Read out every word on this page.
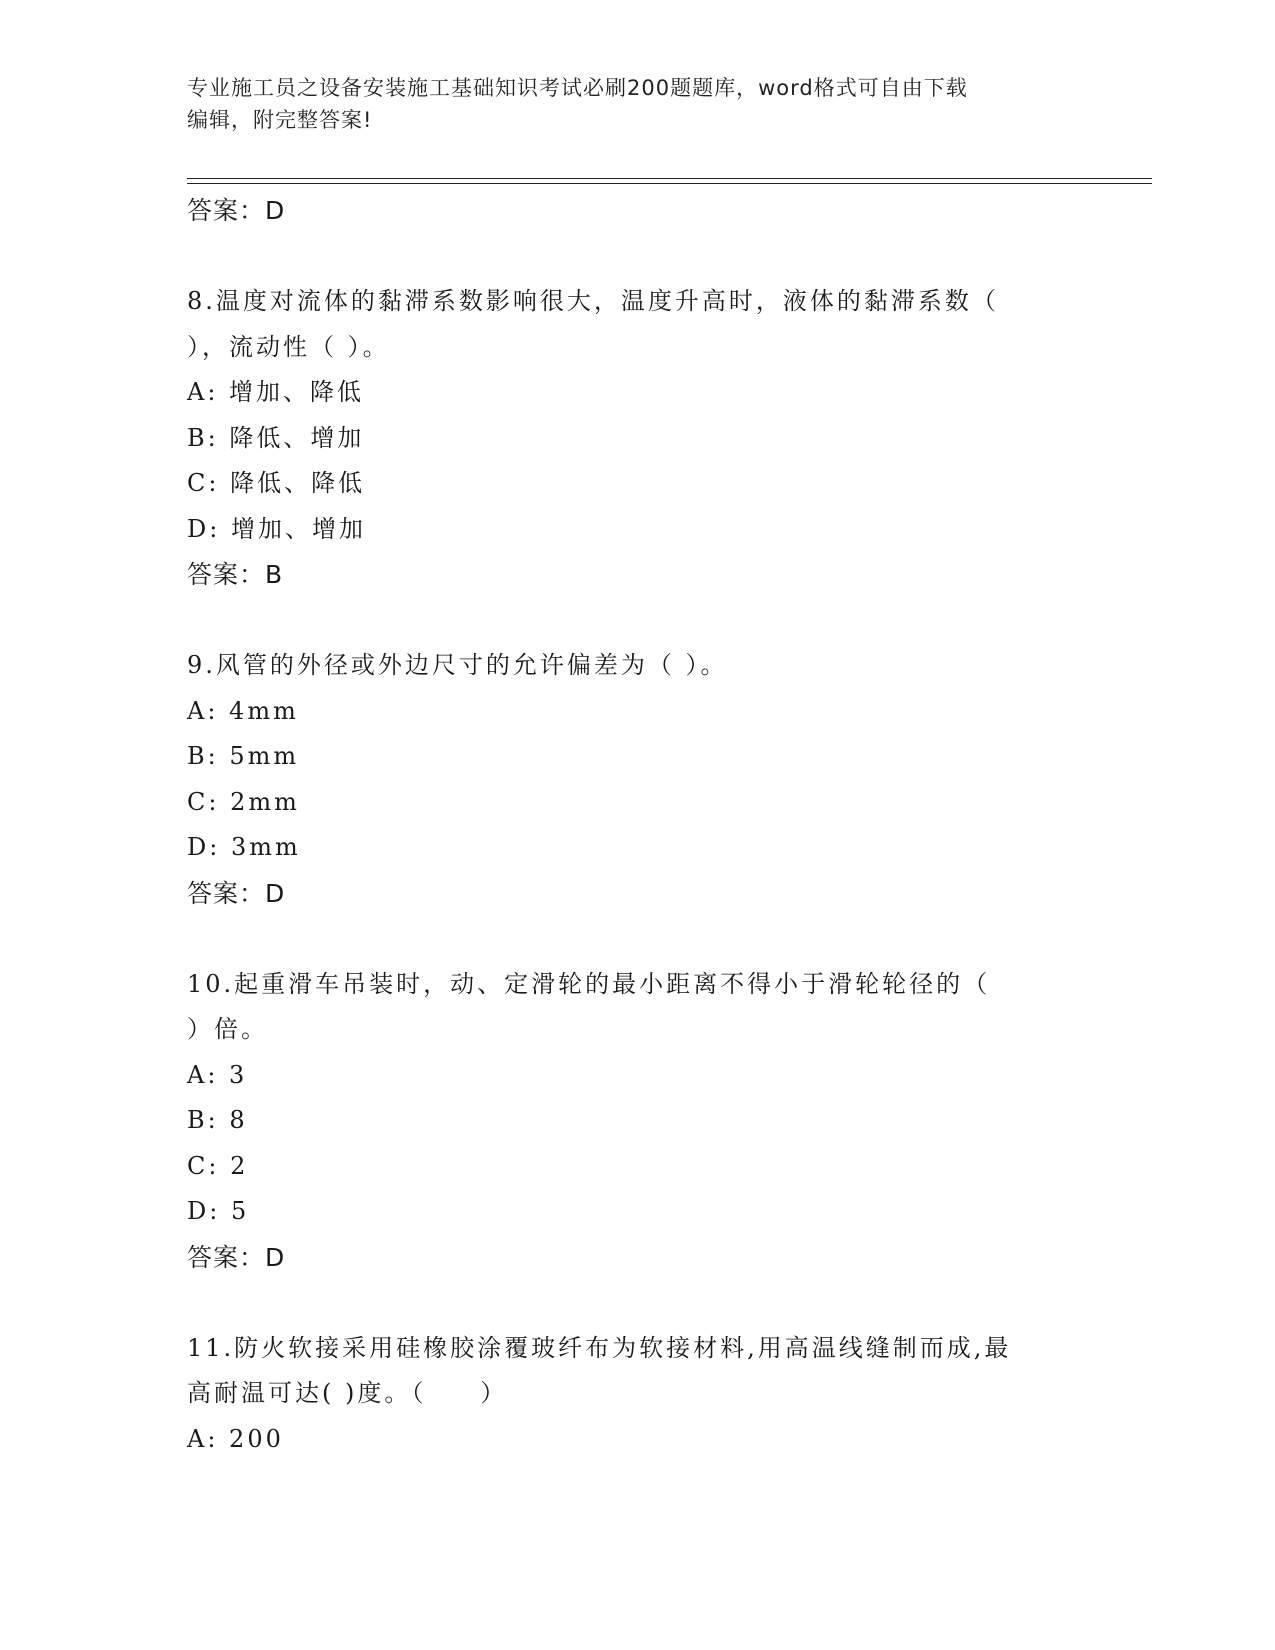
专业施工员之设备安装施工基础知识考试必刷200题题库，word格式可自由下载
编辑，附完整答案!
答案：D
8.温度对流体的黏滞系数影响很大，温度升高时，液体的黏滞系数（
），流动性（ ）。
A: 增加、降低
B: 降低、增加
C: 降低、降低
D: 增加、增加
答案：B
9.风管的外径或外边尺寸的允许偏差为（ ）。
A: 4mm
B: 5mm
C: 2mm
D: 3mm
答案：D
10.起重滑车吊装时，动、定滑轮的最小距离不得小于滑轮轮径的（
）倍。
A: 3
B: 8
C: 2
D: 5
答案：D
11.防火软接采用硅橡胶涂覆玻纤布为软接材料,用高温线缝制而成,最
高耐温可达( )度。（　　）
A: 200
